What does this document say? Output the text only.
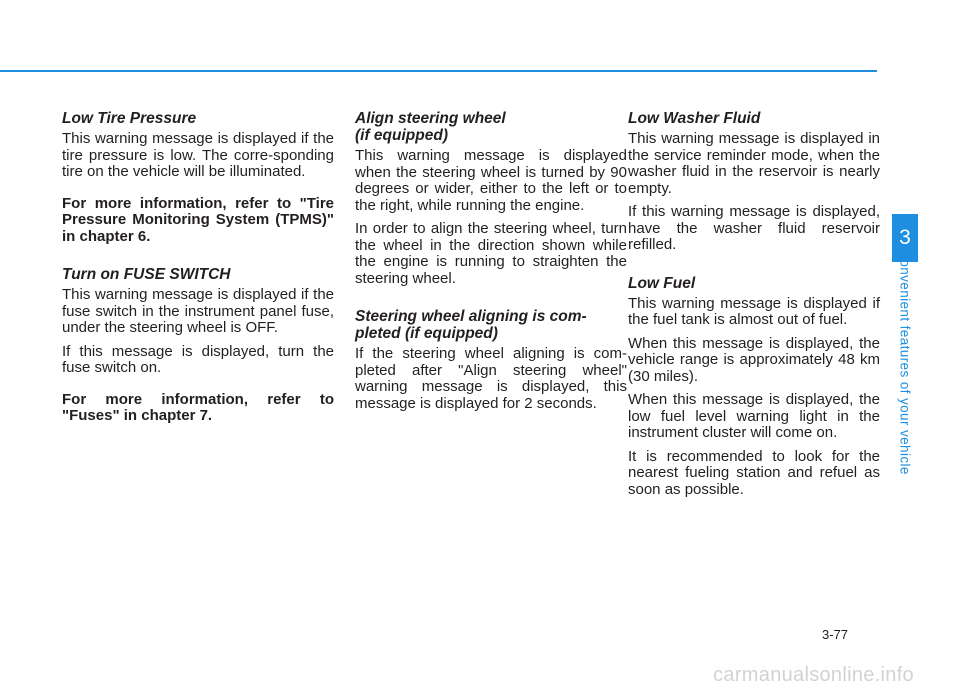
Low Tire Pressure

This warning message is displayed if the tire pressure is low. The corre-sponding tire on the vehicle will be illuminated.

For more information, refer to "Tire Pressure Monitoring System (TPMS)" in chapter 6.

Turn on FUSE SWITCH

This warning message is displayed if the fuse switch in the instrument panel fuse, under the steering wheel is OFF.

If this message is displayed, turn the fuse switch on.

For more information, refer to "Fuses" in chapter 7.

Align steering wheel
(if equipped)

This warning message is displayed when the steering wheel is turned by 90 degrees or wider, either to the left or to the right, while running the engine.

In order to align the steering wheel, turn the wheel in the direction shown while the engine is running to straighten the steering wheel.

Steering wheel aligning is com-
pleted (if equipped)

If the steering wheel aligning is com-pleted after "Align steering wheel" warning message is displayed, this message is displayed for 2 seconds.

Low Washer Fluid

This warning message is displayed in the service reminder mode, when the washer fluid in the reservoir is nearly empty.

If this warning message is displayed, have the washer fluid reservoir refilled.

Low Fuel

This warning message is displayed if the fuel tank is almost out of fuel.

When this message is displayed, the vehicle range is approximately 48 km (30 miles).

When this message is displayed, the low fuel level warning light in the instrument cluster will come on.

It is recommended to look for the nearest fueling station and refuel as soon as possible.

3
Convenient features of your vehicle
3-77
carmanualsonline.info
